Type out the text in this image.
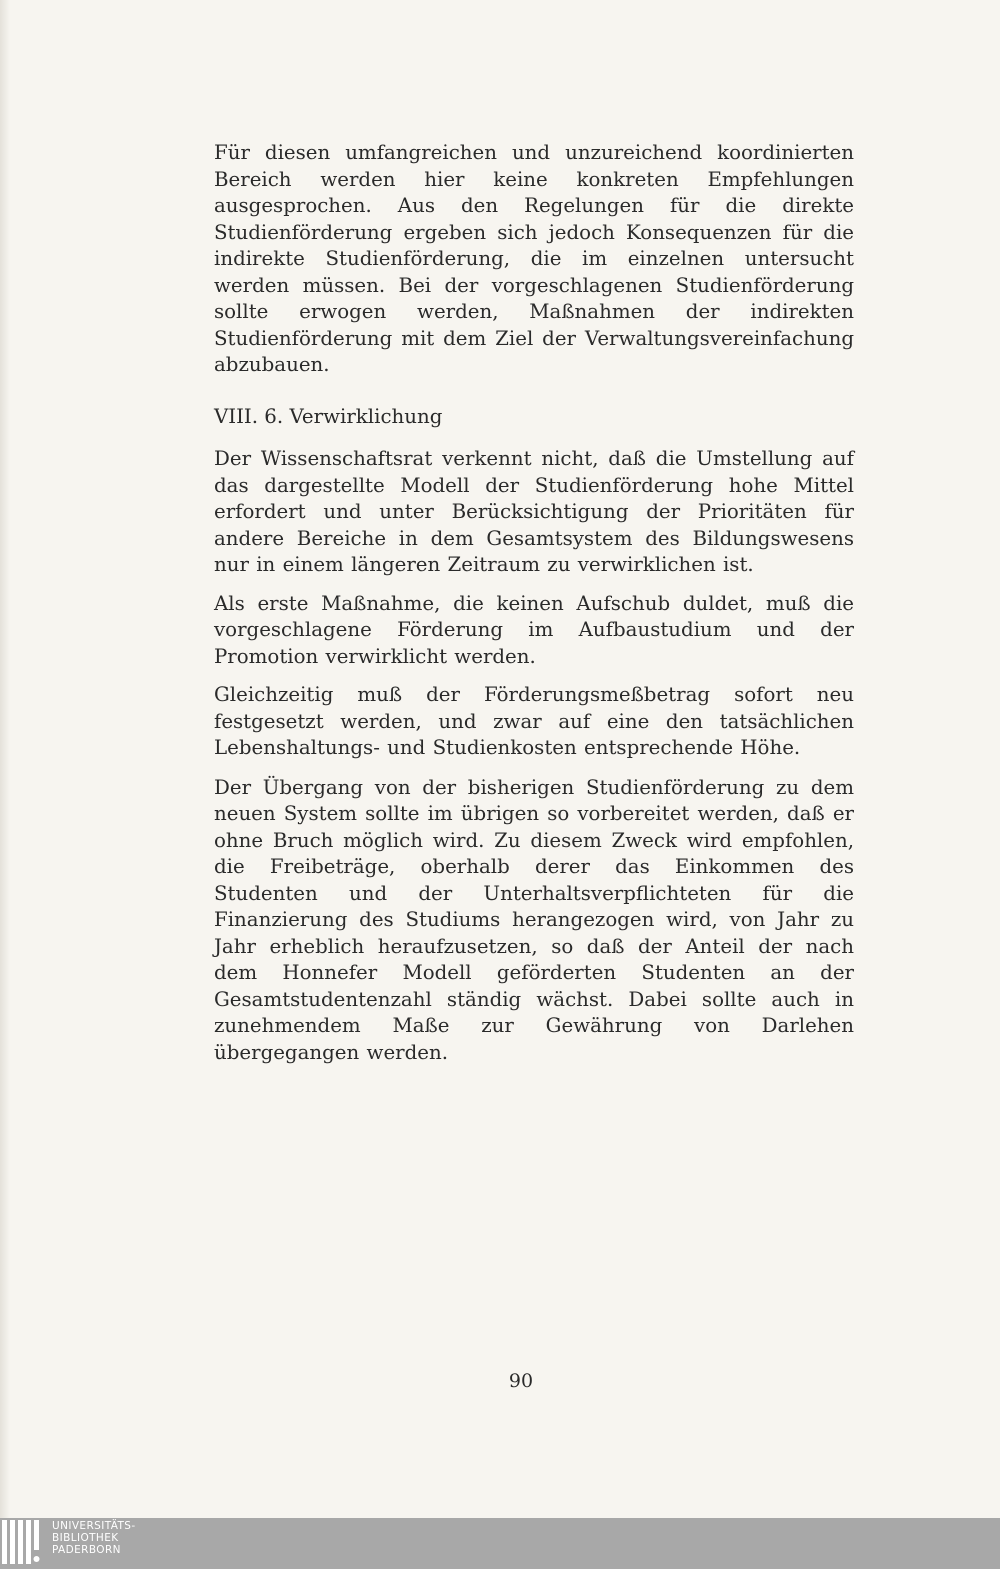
Für diesen umfangreichen und unzureichend koordinierten Bereich werden hier keine konkreten Empfehlungen ausgesprochen. Aus den Regelungen für die direkte Studienförderung ergeben sich jedoch Konsequenzen für die indirekte Studienförderung, die im einzelnen untersucht werden müssen. Bei der vorgeschlagenen Studienförderung sollte erwogen werden, Maßnahmen der indirekten Studienförderung mit dem Ziel der Verwaltungsvereinfachung abzubauen.

VIII. 6. Verwirklichung

Der Wissenschaftsrat verkennt nicht, daß die Umstellung auf das dargestellte Modell der Studienförderung hohe Mittel erfordert und unter Berücksichtigung der Prioritäten für andere Bereiche in dem Gesamtsystem des Bildungswesens nur in einem längeren Zeitraum zu verwirklichen ist.

Als erste Maßnahme, die keinen Aufschub duldet, muß die vorgeschlagene Förderung im Aufbaustudium und der Promotion verwirklicht werden.

Gleichzeitig muß der Förderungsmeßbetrag sofort neu festgesetzt werden, und zwar auf eine den tatsächlichen Lebenshaltungs- und Studienkosten entsprechende Höhe.

Der Übergang von der bisherigen Studienförderung zu dem neuen System sollte im übrigen so vorbereitet werden, daß er ohne Bruch möglich wird. Zu diesem Zweck wird empfohlen, die Freibeträge, oberhalb derer das Einkommen des Studenten und der Unterhaltsverpflichteten für die Finanzierung des Studiums herangezogen wird, von Jahr zu Jahr erheblich heraufzusetzen, so daß der Anteil der nach dem Honnefer Modell geförderten Studenten an der Gesamtstudentenzahl ständig wächst. Dabei sollte auch in zunehmendem Maße zur Gewährung von Darlehen übergegangen werden.

90
UNIVERSITÄTS-
BIBLIOTHEK
PADERBORN
